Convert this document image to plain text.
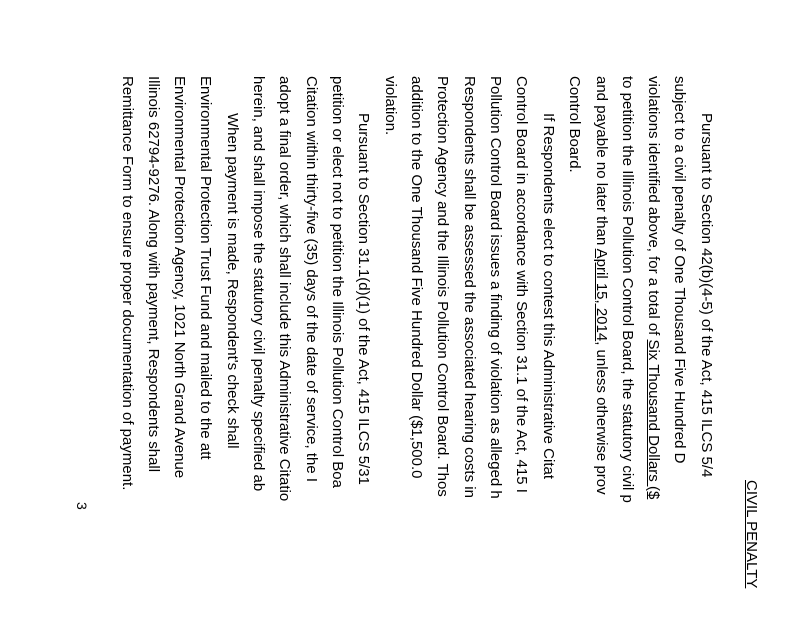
CIVIL PENALTY
Pursuant to Section 42(b)(4-5) of the Act, 415 ILCS 5/4
subject to a civil penalty of One Thousand Five Hundred D
violations identified above, for a total of Six Thousand Dollars ($
to petition the Illinois Pollution Control Board, the statutory civil p
and payable no later than April 15, 2014, unless otherwise prov
Control Board.
If Respondents elect to contest this Administrative Citat
Control Board in accordance with Section 31.1 of the Act, 415 I
Pollution Control Board issues a finding of violation as alleged h
Respondents shall be assessed the associated hearing costs in
Protection Agency and the Illinois Pollution Control Board. Thos
addition to the One Thousand Five Hundred Dollar ($1,500.0
violation.
Pursuant to Section 31.1(d)(1) of the Act, 415 ILCS 5/31
petition or elect not to petition the Illinois Pollution Control Boa
Citation within thirty-five (35) days of the date of service, the I
adopt a final order, which shall include this Administrative Citatio
herein, and shall impose the statutory civil penalty specified ab
When payment is made, Respondent's check shall
Environmental Protection Trust Fund and mailed to the att
Environmental Protection Agency, 1021 North Grand Avenue
Illinois 62794-9276. Along with payment, Respondents shall
Remittance Form to ensure proper documentation of payment.
3
